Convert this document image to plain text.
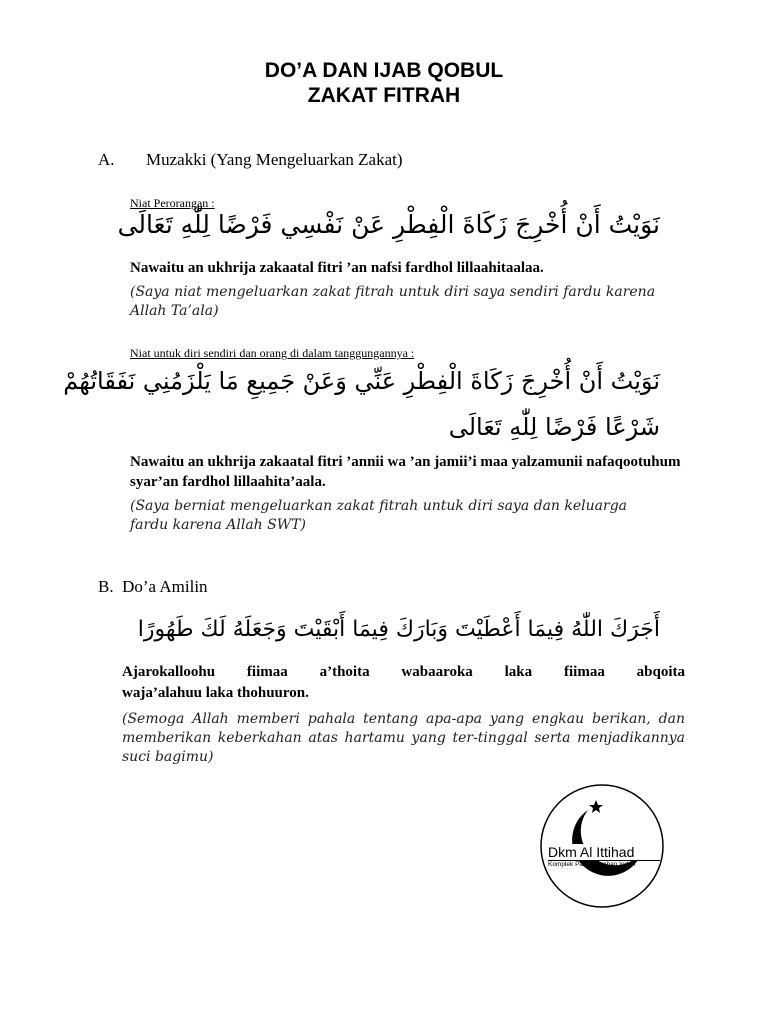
DO’A DAN IJAB QOBUL
ZAKAT FITRAH
A. Muzakki (Yang Mengeluarkan Zakat)
Niat Perorangan :
نَوَيْتُ أَنْ أُخْرِجَ زَكَاةَ الْفِطْرِ عَنْ نَفْسِي فَرْضًا لِلّٰهِ تَعَالَى
Nawaitu an ukhrija zakaatal fitri ’an nafsi fardhol lillaahitaalaa.
(Saya niat mengeluarkan zakat fitrah untuk diri saya sendiri fardu karena Allah Ta’ala)
Niat untuk diri sendiri dan orang di dalam tanggungannya :
نَوَيْتُ أَنْ أُخْرِجَ زَكَاةَ الْفِطْرِ عَنِّي وَعَنْ جَمِيعِ مَا يَلْزَمُنِي نَفَقَاتُهُمْ
شَرْعًا فَرْضًا لِلّٰهِ تَعَالَى
Nawaitu an ukhrija zakaatal fitri ’annii wa ’an jamii’i maa yalzamunii nafaqootuhum syar’an fardhol lillaahita’aala.
(Saya berniat mengeluarkan zakat fitrah untuk diri saya dan keluarga fardu karena Allah SWT)
B.  Do’a Amilin
أَجَرَكَ اللّٰهُ فِيمَا أَعْطَيْتَ وَبَارَكَ فِيمَا أَبْقَيْتَ وَجَعَلَهُ لَكَ طَهُورًا
Ajarokalloohu fiimaa a’thoita wabaaroka laka fiimaa abqoita
waja’alahuu laka thohuuron.
(Semoga Allah memberi pahala tentang apa-apa yang engkau berikan, dan memberikan keberkahan atas hartamu yang ter-tinggal serta menjadikannya suci bagimu)
Dkm Al Ittihad
Komplek Pasanggrahan Indah
